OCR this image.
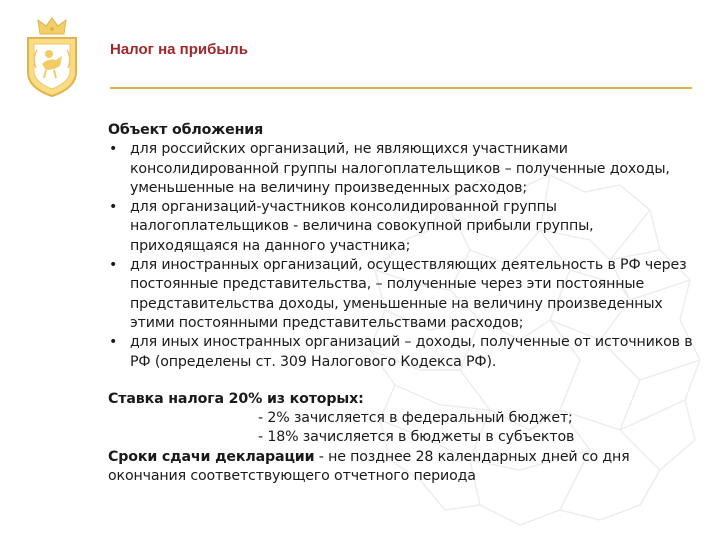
Налог на прибыль
Объект обложения
• для российских организаций, не являющихся участниками консолидированной группы налогоплательщиков – полученные доходы, уменьшенные на величину произведенных расходов;
• для организаций-участников консолидированной группы налогоплательщиков - величина совокупной прибыли группы, приходящаяся на данного участника;
• для иностранных организаций, осуществляющих деятельность в РФ через постоянные представительства, – полученные через эти постоянные представительства доходы, уменьшенные на величину произведенных этими постоянными представительствами расходов;
• для иных иностранных организаций – доходы, полученные от источников в РФ (определены ст. 309 Налогового Кодекса РФ).
Ставка налога 20% из которых:
- 2% зачисляется в федеральный бюджет;
- 18% зачисляется в бюджеты в субъектов
Сроки сдачи декларации - не позднее 28 календарных дней со дня окончания соответствующего отчетного периода
